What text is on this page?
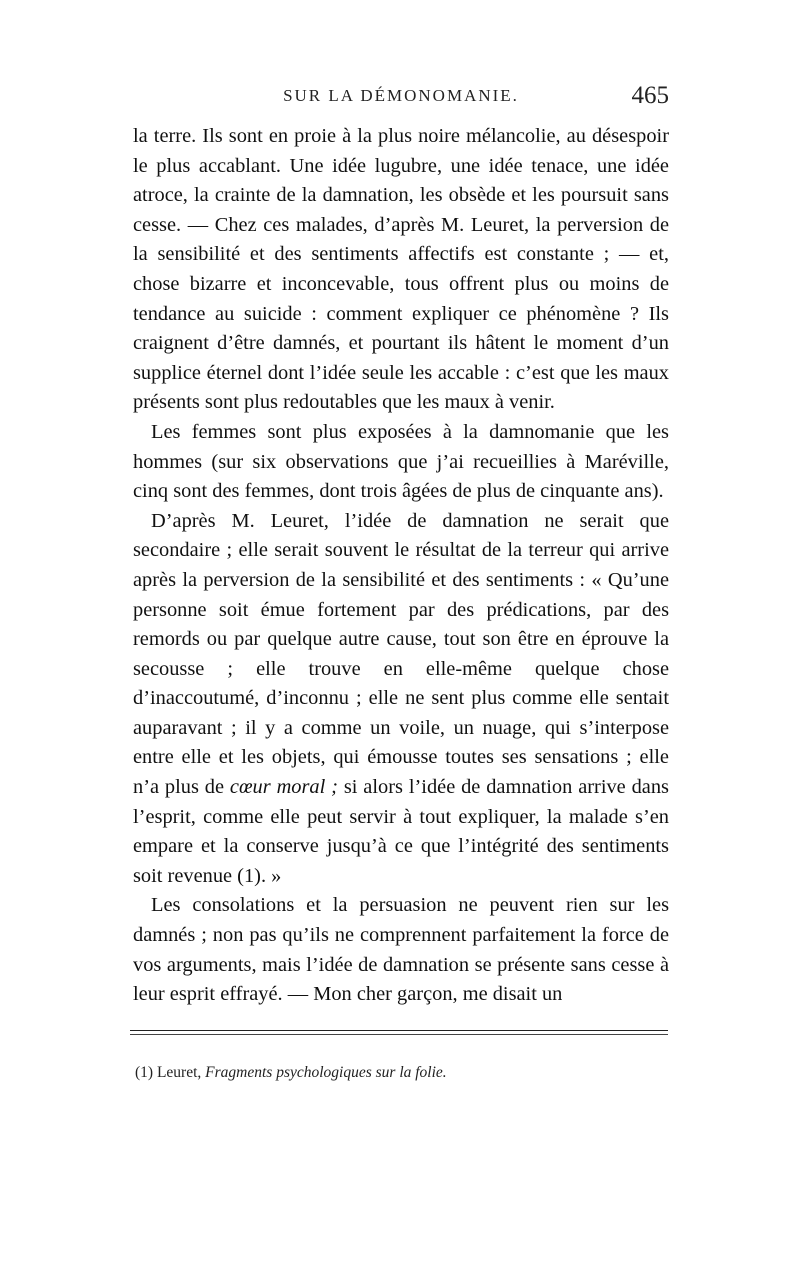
SUR LA DÉMONOMANIE.	465

la terre. Ils sont en proie à la plus noire mélancolie, au désespoir le plus accablant. Une idée lugubre, une idée tenace, une idée atroce, la crainte de la damnation, les obsède et les poursuit sans cesse. — Chez ces malades, d’après M. Leuret, la perversion de la sensibilité et des sentiments affectifs est constante ; — et, chose bizarre et inconcevable, tous offrent plus ou moins de tendance au suicide : comment expliquer ce phénomène ? Ils craignent d’être damnés, et pourtant ils hâtent le moment d’un supplice éternel dont l’idée seule les accable : c’est que les maux présents sont plus redoutables que les maux à venir.

Les femmes sont plus exposées à la damnomanie que les hommes (sur six observations que j’ai recueillies à Maréville, cinq sont des femmes, dont trois âgées de plus de cinquante ans).

D’après M. Leuret, l’idée de damnation ne serait que secondaire ; elle serait souvent le résultat de la terreur qui arrive après la perversion de la sensibilité et des sentiments : « Qu’une personne soit émue fortement par des prédications, par des remords ou par quelque autre cause, tout son être en éprouve la secousse ; elle trouve en elle-même quelque chose d’inaccoutumé, d’inconnu ; elle ne sent plus comme elle sentait auparavant ; il y a comme un voile, un nuage, qui s’interpose entre elle et les objets, qui émousse toutes ses sensations ; elle n’a plus de cœur moral ; si alors l’idée de damnation arrive dans l’esprit, comme elle peut servir à tout expliquer, la malade s’en empare et la conserve jusqu’à ce que l’intégrité des sentiments soit revenue (1). »

Les consolations et la persuasion ne peuvent rien sur les damnés ; non pas qu’ils ne comprennent parfaitement la force de vos arguments, mais l’idée de damnation se présente sans cesse à leur esprit effrayé. — Mon cher garçon, me disait un

(1) Leuret, Fragments psychologiques sur la folie.
